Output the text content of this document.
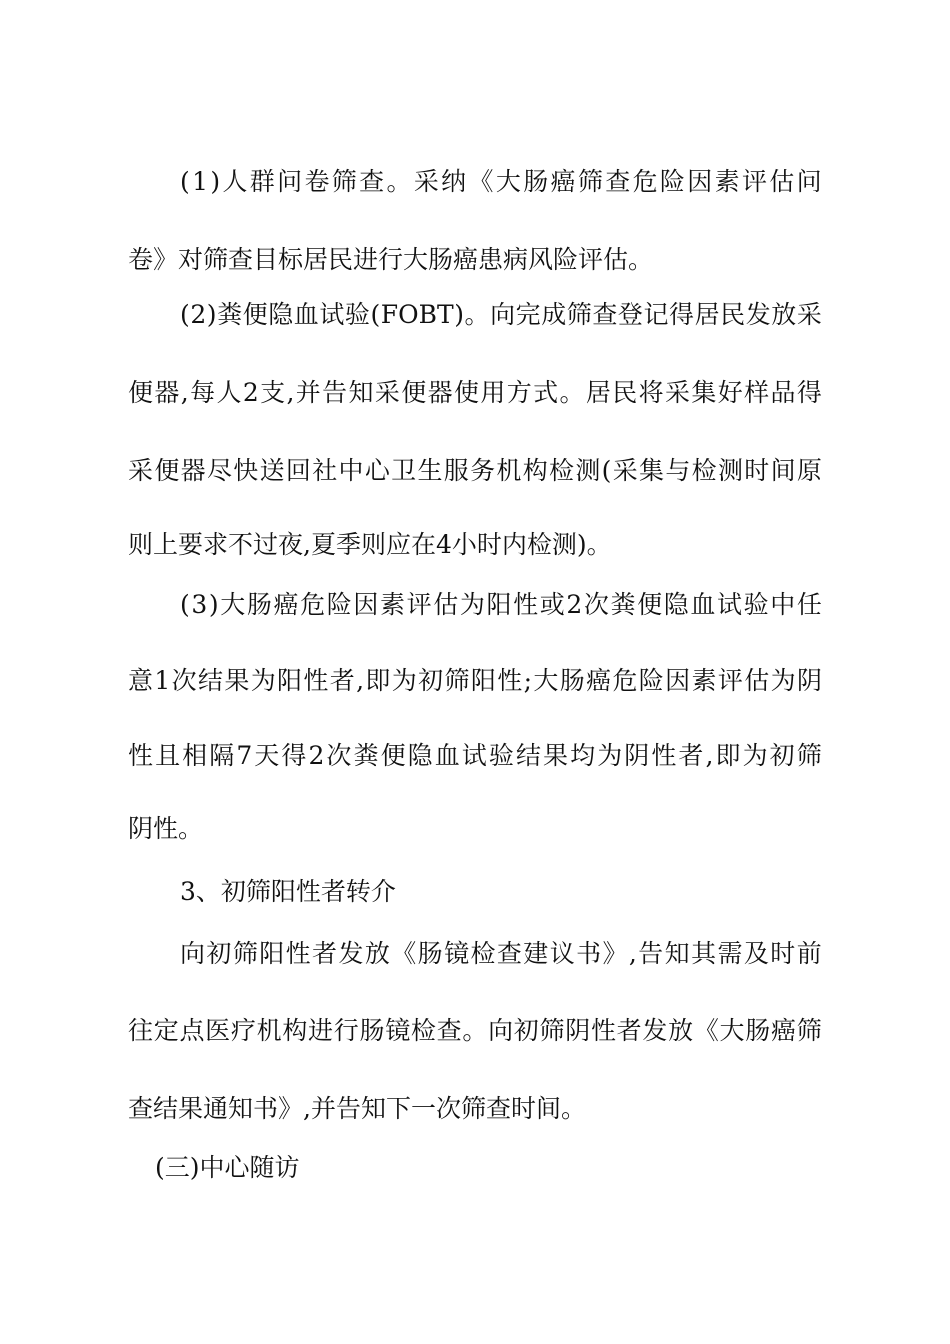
( 1 ) 人 群 问 卷 筛 查 。 采 纳 《 大 肠 癌 筛 查 危 险 因 素 评 估 问
卷》对筛查目标居民进行大肠癌患病风险评估。
( 2 ) 粪 便 隐 血 试 验 ( FOBT ) 。 向 完 成 筛 查 登 记 得 居 民 发 放 采
便 器 , 每 人 2 支 , 并 告 知 采 便 器 使 用 方 式 。 居 民 将 采 集 好 样 品 得
采 便 器 尽 快 送 回 社 中 心 卫 生 服 务 机 构 检 测 ( 采 集 与 检 测 时 间 原
则上要求不过夜,夏季则应在4小时内检测)。
( 3 ) 大 肠 癌 危 险 因 素 评 估 为 阳 性 或 2 次 粪 便 隐 血 试 验 中 任
意 1 次 结 果 为 阳 性 者 , 即 为 初 筛 阳 性 ; 大 肠 癌 危 险 因 素 评 估 为 阴
性 且 相 隔 7 天 得 2 次 粪 便 隐 血 试 验 结 果 均 为 阴 性 者 , 即 为 初 筛
阴性。
3、初筛阳性者转介
向 初 筛 阳 性 者 发 放 《 肠 镜 检 查 建 议 书 》 , 告 知 其 需 及 时 前
往 定 点 医 疗 机 构 进 行 肠 镜 检 查 。 向 初 筛 阴 性 者 发 放 《 大 肠 癌 筛
查结果通知书》,并告知下一次筛查时间。
(三)中心随访
